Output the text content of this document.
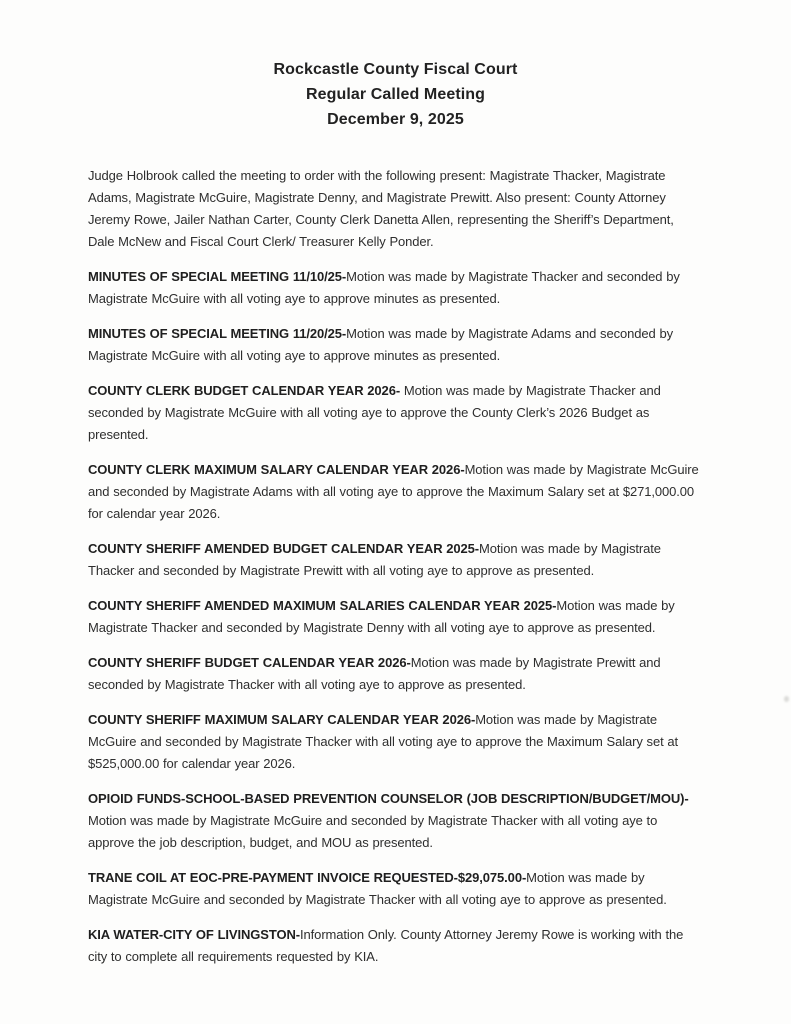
Rockcastle County Fiscal Court
Regular Called Meeting
December 9, 2025

Judge Holbrook called the meeting to order with the following present: Magistrate Thacker, Magistrate Adams, Magistrate McGuire, Magistrate Denny, and Magistrate Prewitt. Also present: County Attorney Jeremy Rowe, Jailer Nathan Carter, County Clerk Danetta Allen, representing the Sheriff’s Department, Dale McNew and Fiscal Court Clerk/ Treasurer Kelly Ponder.

MINUTES OF SPECIAL MEETING 11/10/25-Motion was made by Magistrate Thacker and seconded by Magistrate McGuire with all voting aye to approve minutes as presented.

MINUTES OF SPECIAL MEETING 11/20/25-Motion was made by Magistrate Adams and seconded by Magistrate McGuire with all voting aye to approve minutes as presented.

COUNTY CLERK BUDGET CALENDAR YEAR 2026- Motion was made by Magistrate Thacker and seconded by Magistrate McGuire with all voting aye to approve the County Clerk’s 2026 Budget as presented.

COUNTY CLERK MAXIMUM SALARY CALENDAR YEAR 2026-Motion was made by Magistrate McGuire and seconded by Magistrate Adams with all voting aye to approve the Maximum Salary set at $271,000.00 for calendar year 2026.

COUNTY SHERIFF AMENDED BUDGET CALENDAR YEAR 2025-Motion was made by Magistrate Thacker and seconded by Magistrate Prewitt with all voting aye to approve as presented.

COUNTY SHERIFF AMENDED MAXIMUM SALARIES CALENDAR YEAR 2025-Motion was made by Magistrate Thacker and seconded by Magistrate Denny with all voting aye to approve as presented.

COUNTY SHERIFF BUDGET CALENDAR YEAR 2026-Motion was made by Magistrate Prewitt and seconded by Magistrate Thacker with all voting aye to approve as presented.

COUNTY SHERIFF MAXIMUM SALARY CALENDAR YEAR 2026-Motion was made by Magistrate McGuire and seconded by Magistrate Thacker with all voting aye to approve the Maximum Salary set at $525,000.00 for calendar year 2026.

OPIOID FUNDS-SCHOOL-BASED PREVENTION COUNSELOR (JOB DESCRIPTION/BUDGET/MOU)-Motion was made by Magistrate McGuire and seconded by Magistrate Thacker with all voting aye to approve the job description, budget, and MOU as presented.

TRANE COIL AT EOC-PRE-PAYMENT INVOICE REQUESTED-$29,075.00-Motion was made by Magistrate McGuire and seconded by Magistrate Thacker with all voting aye to approve as presented.

KIA WATER-CITY OF LIVINGSTON-Information Only. County Attorney Jeremy Rowe is working with the city to complete all requirements requested by KIA.
